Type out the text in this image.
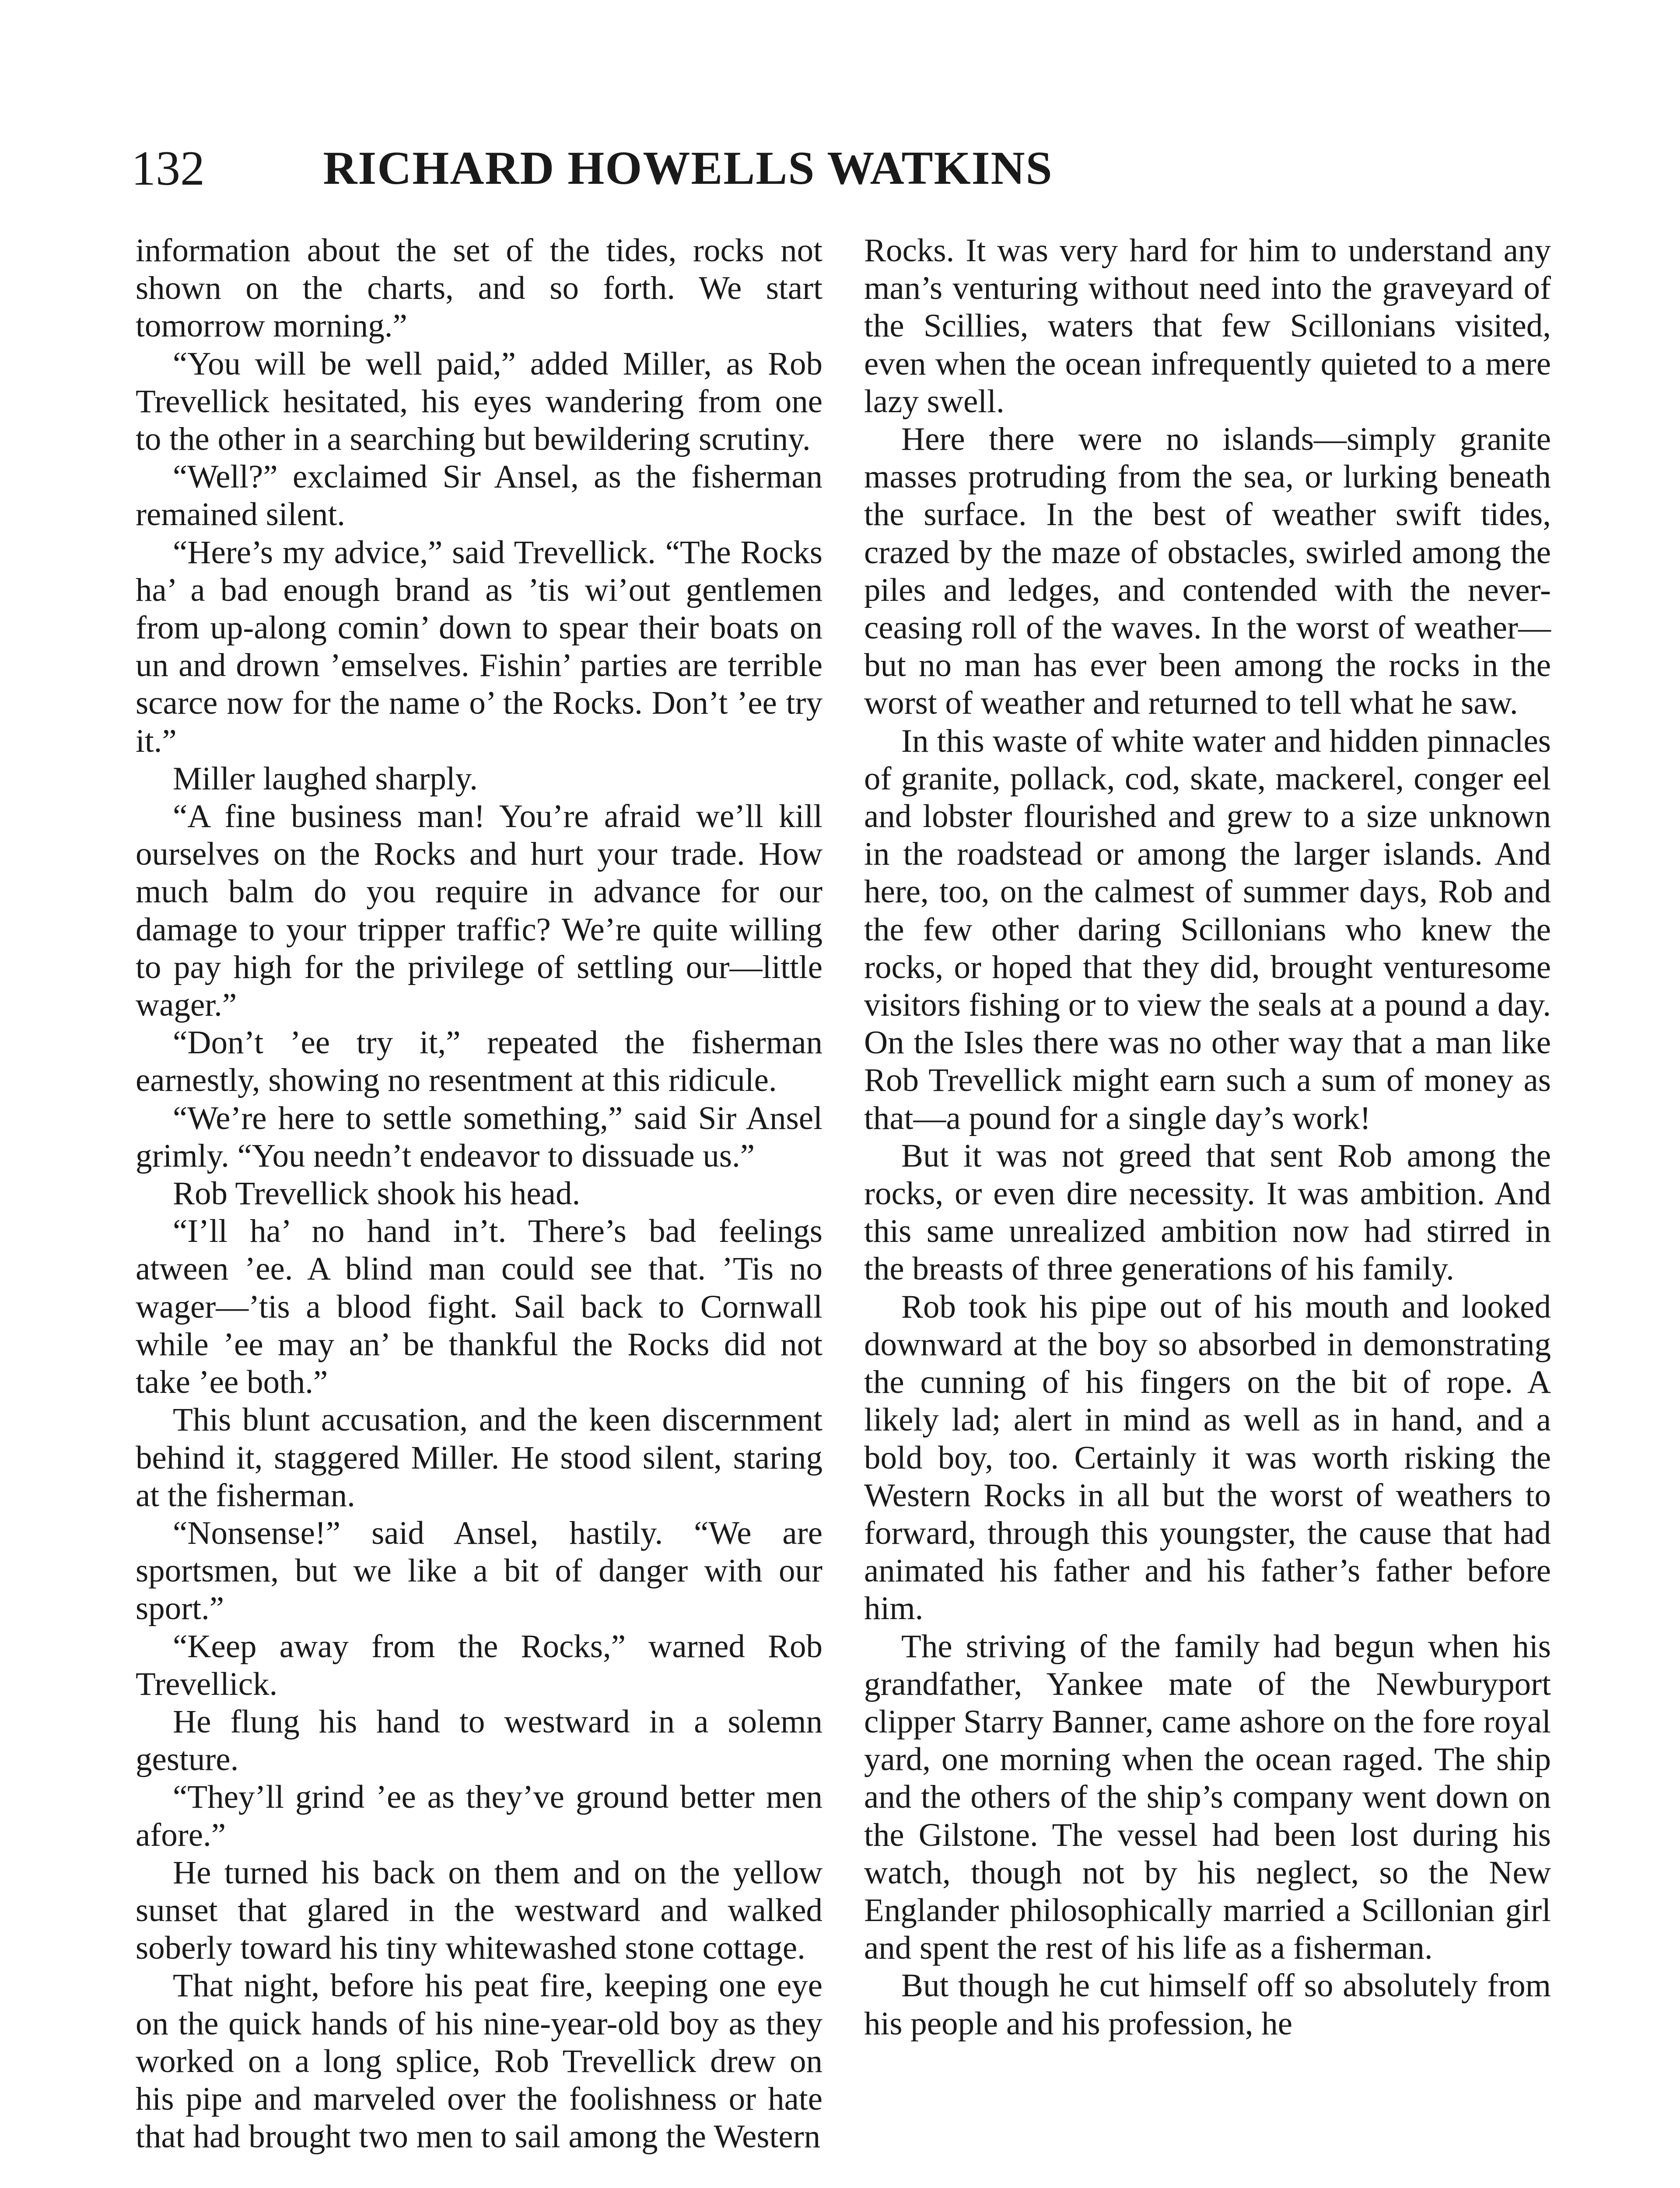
132	RICHARD HOWELLS WATKINS

information about the set of the tides, rocks not shown on the charts, and so forth. We start tomorrow morning.”

“You will be well paid,” added Miller, as Rob Trevellick hesitated, his eyes wandering from one to the other in a searching but bewildering scrutiny.

“Well?” exclaimed Sir Ansel, as the fisherman remained silent.

“Here’s my advice,” said Trevellick. “The Rocks ha’ a bad enough brand as ’tis wi’out gentlemen from up-along comin’ down to spear their boats on un and drown ’emselves. Fishin’ parties are terrible scarce now for the name o’ the Rocks. Don’t ’ee try it.”

Miller laughed sharply.

“A fine business man! You’re afraid we’ll kill ourselves on the Rocks and hurt your trade. How much balm do you require in advance for our damage to your tripper traffic? We’re quite willing to pay high for the privilege of settling our—little wager.”

“Don’t ’ee try it,” repeated the fisherman earnestly, showing no resentment at this ridicule.

“We’re here to settle something,” said Sir Ansel grimly. “You needn’t endeavor to dissuade us.”

Rob Trevellick shook his head.

“I’ll ha’ no hand in’t. There’s bad feelings atween ’ee. A blind man could see that. ’Tis no wager—’tis a blood fight. Sail back to Cornwall while ’ee may an’ be thankful the Rocks did not take ’ee both.”

This blunt accusation, and the keen discernment behind it, staggered Miller. He stood silent, staring at the fisherman.

“Nonsense!” said Ansel, hastily. “We are sportsmen, but we like a bit of danger with our sport.”

“Keep away from the Rocks,” warned Rob Trevellick.

He flung his hand to westward in a solemn gesture.

“They’ll grind ’ee as they’ve ground better men afore.”

He turned his back on them and on the yellow sunset that glared in the westward and walked soberly toward his tiny whitewashed stone cottage.

That night, before his peat fire, keeping one eye on the quick hands of his nine-year-old boy as they worked on a long splice, Rob Trevellick drew on his pipe and marveled over the foolishness or hate that had brought two men to sail among the Western

Rocks. It was very hard for him to understand any man’s venturing without need into the graveyard of the Scillies, waters that few Scillonians visited, even when the ocean infrequently quieted to a mere lazy swell.

Here there were no islands—simply granite masses protruding from the sea, or lurking beneath the surface. In the best of weather swift tides, crazed by the maze of obstacles, swirled among the piles and ledges, and contended with the never-ceasing roll of the waves. In the worst of weather—but no man has ever been among the rocks in the worst of weather and returned to tell what he saw.

In this waste of white water and hidden pinnacles of granite, pollack, cod, skate, mackerel, conger eel and lobster flourished and grew to a size unknown in the roadstead or among the larger islands. And here, too, on the calmest of summer days, Rob and the few other daring Scillonians who knew the rocks, or hoped that they did, brought venturesome visitors fishing or to view the seals at a pound a day. On the Isles there was no other way that a man like Rob Trevellick might earn such a sum of money as that—a pound for a single day’s work!

But it was not greed that sent Rob among the rocks, or even dire necessity. It was ambition. And this same unrealized ambition now had stirred in the breasts of three generations of his family.

Rob took his pipe out of his mouth and looked downward at the boy so absorbed in demonstrating the cunning of his fingers on the bit of rope. A likely lad; alert in mind as well as in hand, and a bold boy, too. Certainly it was worth risking the Western Rocks in all but the worst of weathers to forward, through this youngster, the cause that had animated his father and his father’s father before him.

The striving of the family had begun when his grandfather, Yankee mate of the Newburyport clipper Starry Banner, came ashore on the fore royal yard, one morning when the ocean raged. The ship and the others of the ship’s company went down on the Gilstone. The vessel had been lost during his watch, though not by his neglect, so the New Englander philosophically married a Scillonian girl and spent the rest of his life as a fisherman.

But though he cut himself off so absolutely from his people and his profession, he
